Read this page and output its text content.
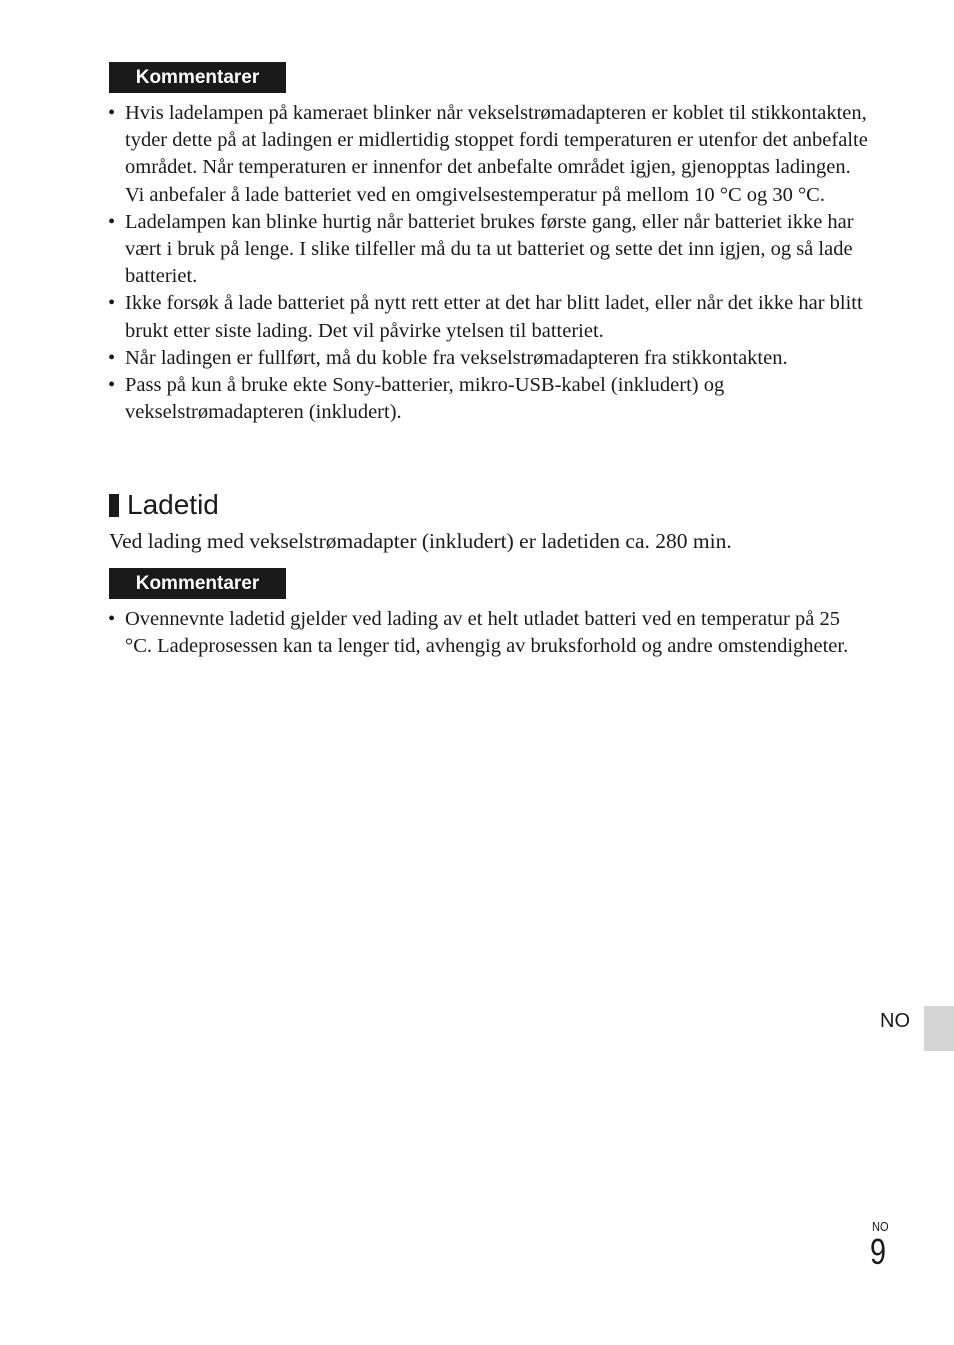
Kommentarer
• Hvis ladelampen på kameraet blinker når vekselstrømadapteren er koblet til stikkontakten, tyder dette på at ladingen er midlertidig stoppet fordi temperaturen er utenfor det anbefalte området. Når temperaturen er innenfor det anbefalte området igjen, gjenopptas ladingen. Vi anbefaler å lade batteriet ved en omgivelsestemperatur på mellom 10 °C og 30 °C.
• Ladelampen kan blinke hurtig når batteriet brukes første gang, eller når batteriet ikke har vært i bruk på lenge. I slike tilfeller må du ta ut batteriet og sette det inn igjen, og så lade batteriet.
• Ikke forsøk å lade batteriet på nytt rett etter at det har blitt ladet, eller når det ikke har blitt brukt etter siste lading. Det vil påvirke ytelsen til batteriet.
• Når ladingen er fullført, må du koble fra vekselstrømadapteren fra stikkontakten.
• Pass på kun å bruke ekte Sony-batterier, mikro-USB-kabel (inkludert) og vekselstrømadapteren (inkludert).
Ladetid

Ved lading med vekselstrømadapter (inkludert) er ladetiden ca. 280 min.

Kommentarer
• Ovennevnte ladetid gjelder ved lading av et helt utladet batteri ved en temperatur på 25 °C. Ladeprosessen kan ta lenger tid, avhengig av bruksforhold og andre omstendigheter.
NO
NO
9
